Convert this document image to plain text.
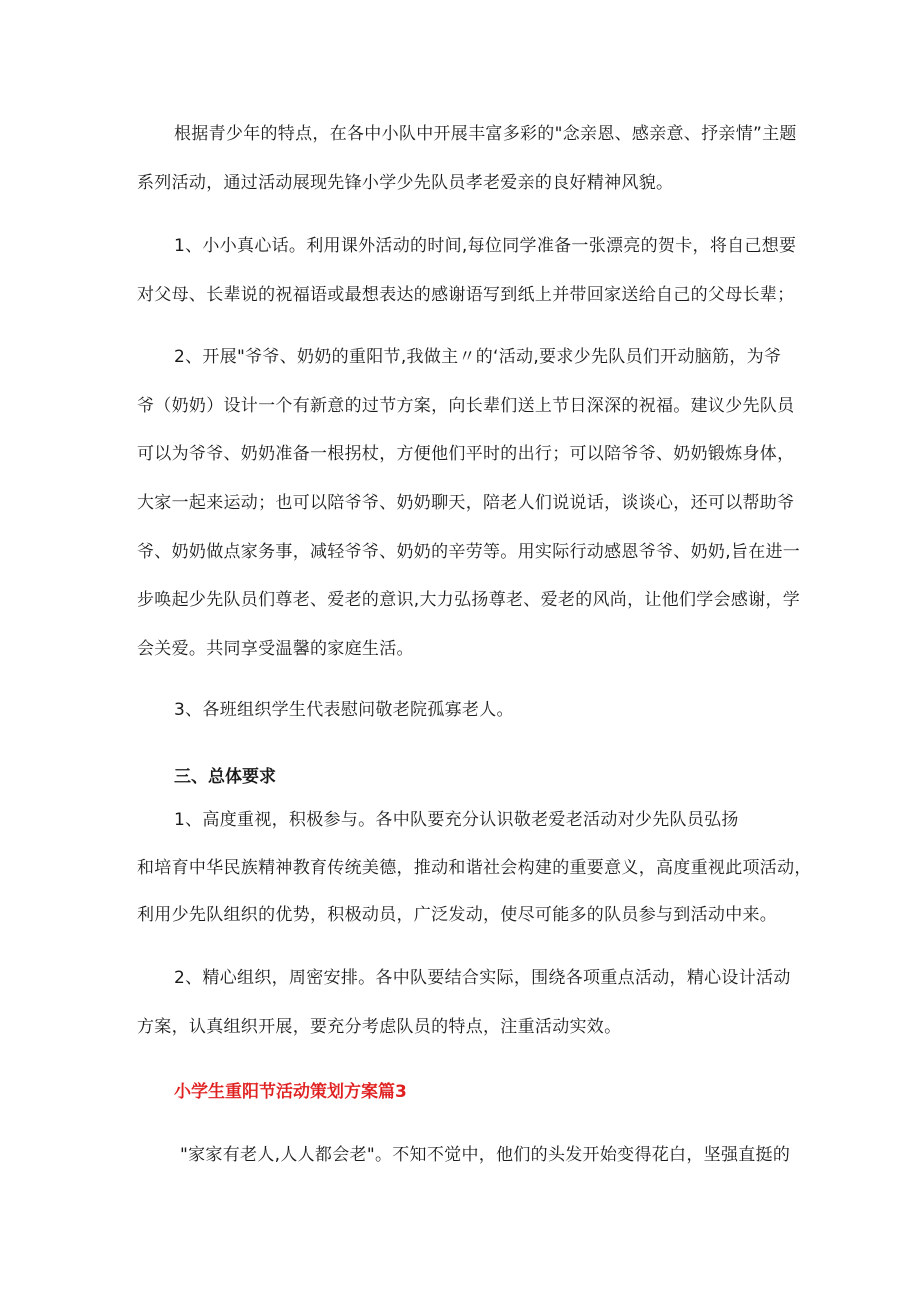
根据青少年的特点，在各中小队中开展丰富多彩的"念亲恩、感亲意、抒亲情”主题
系列活动，通过活动展现先锋小学少先队员孝老爱亲的良好精神风貌。
1、小小真心话。利用课外活动的时间,每位同学准备一张漂亮的贺卡，将自己想要
对父母、长辈说的祝福语或最想表达的感谢语写到纸上并带回家送给自己的父母长辈；
2、开展"爷爷、奶奶的重阳节,我做主〃的‘活动,要求少先队员们开动脑筋，为爷
爷（奶奶）设计一个有新意的过节方案，向长辈们送上节日深深的祝福。建议少先队员
可以为爷爷、奶奶准备一根拐杖，方便他们平时的出行；可以陪爷爷、奶奶锻炼身体，
大家一起来运动；也可以陪爷爷、奶奶聊天，陪老人们说说话，谈谈心，还可以帮助爷
爷、奶奶做点家务事，减轻爷爷、奶奶的辛劳等。用实际行动感恩爷爷、奶奶,旨在进一
步唤起少先队员们尊老、爱老的意识,大力弘扬尊老、爱老的风尚，让他们学会感谢，学
会关爱。共同享受温馨的家庭生活。
3、各班组织学生代表慰问敬老院孤寡老人。
三、总体要求
1、高度重视，积极参与。各中队要充分认识敬老爱老活动对少先队员弘扬
和培育中华民族精神教育传统美德，推动和谐社会构建的重要意义，高度重视此项活动，
利用少先队组织的优势，积极动员，广泛发动，使尽可能多的队员参与到活动中来。
2、精心组织，周密安排。各中队要结合实际，围绕各项重点活动，精心设计活动
方案，认真组织开展，要充分考虑队员的特点，注重活动实效。
小学生重阳节活动策划方案篇3
"家家有老人,人人都会老"。不知不觉中，他们的头发开始变得花白，坚强直挺的
